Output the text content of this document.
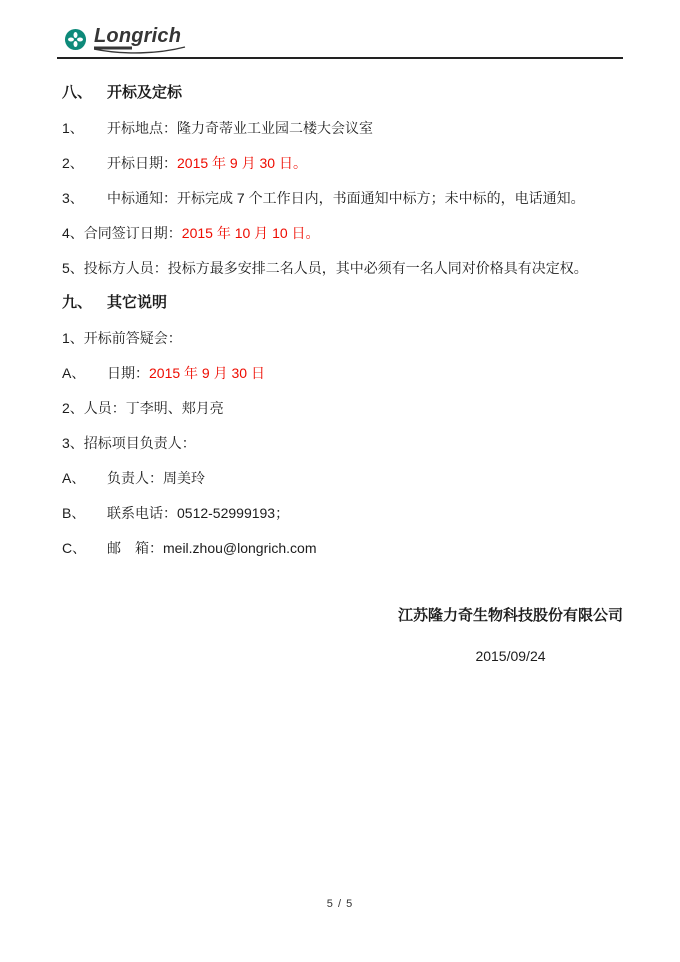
Longrich
八、 开标及定标
1、 开标地点：隆力奇蒂业工业园二楼大会议室
2、 开标日期：2015 年 9 月 30 日。
3、 中标通知：开标完成 7 个工作日内，书面通知中标方；未中标的，电话通知。
4、合同签订日期：2015 年 10 月 10 日。
5、投标方人员：投标方最多安排二名人员，其中必须有一名人同对价格具有决定权。
九、 其它说明
1、开标前答疑会：
A、 日期：2015 年 9 月 30 日
2、人员：丁李明、郏月亮
3、招标项目负责人：
A、 负责人：周美玲
B、 联系电话：0512-52999193；
C、 邮　箱：meil.zhou@longrich.com
江苏隆力奇生物科技股份有限公司
2015/09/24
5 / 5
